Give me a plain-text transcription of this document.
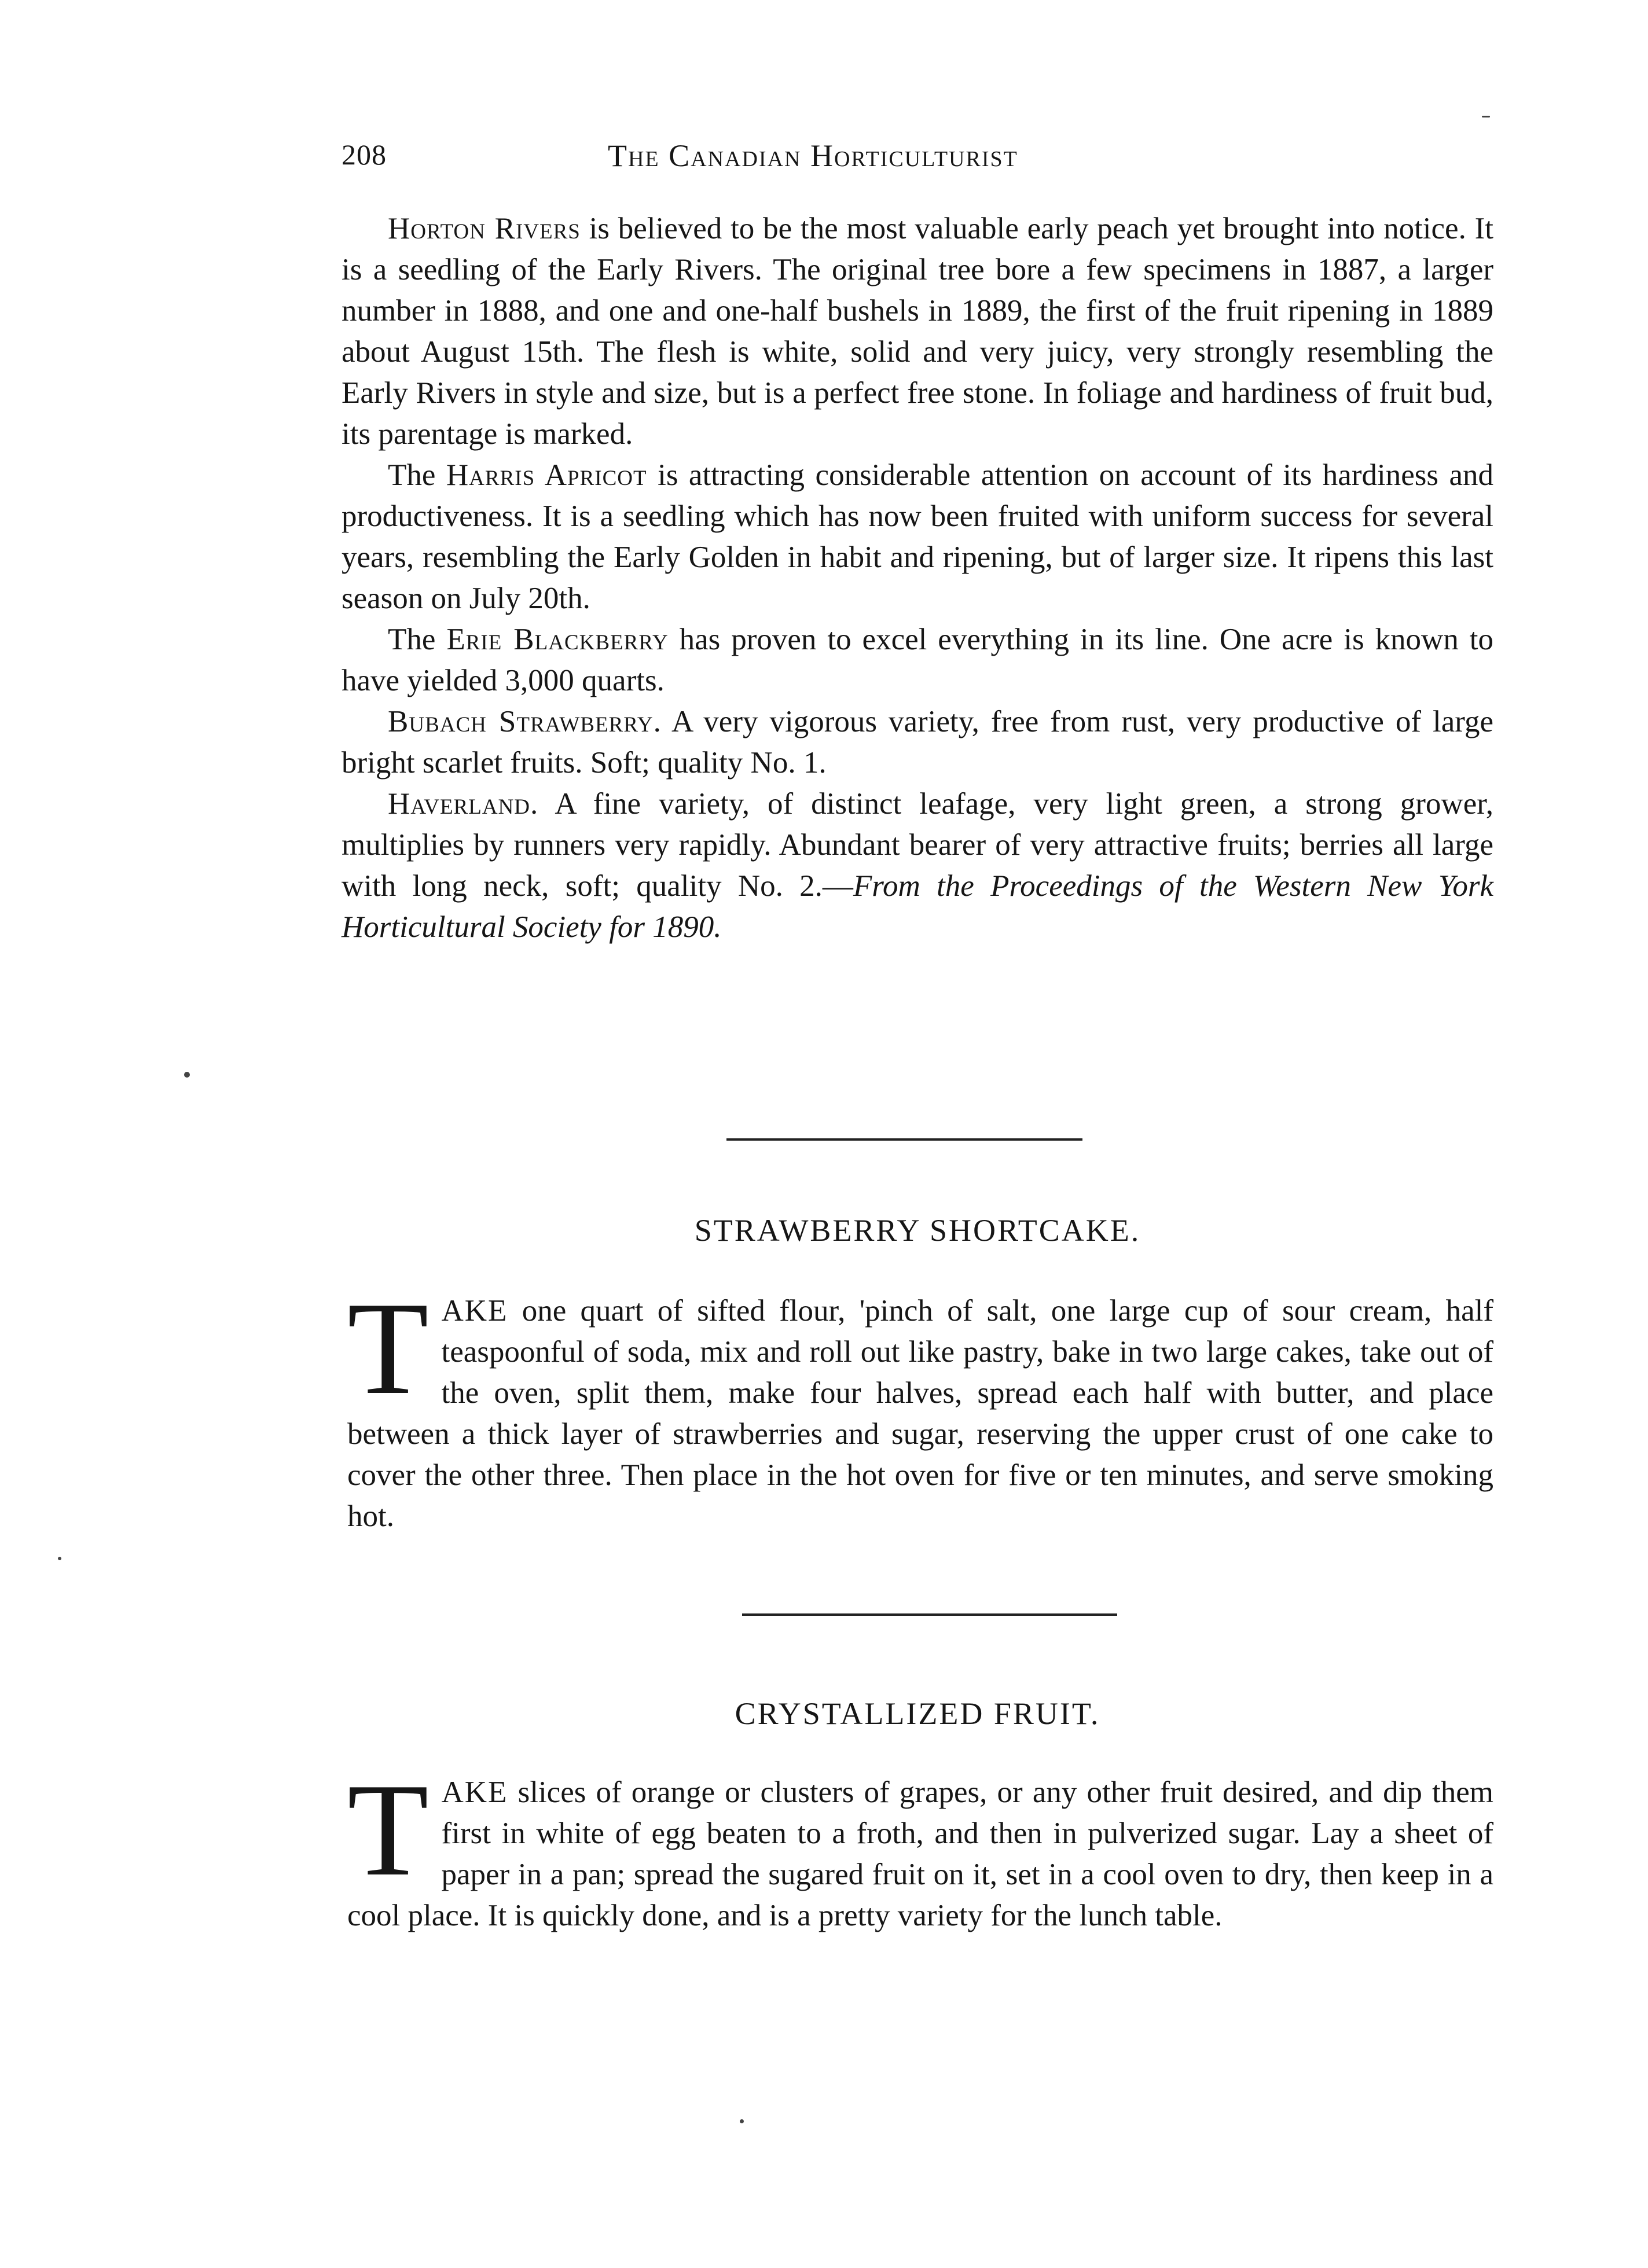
208	The Canadian Horticulturist

Horton Rivers is believed to be the most valuable early peach yet brought into notice. It is a seedling of the Early Rivers. The original tree bore a few specimens in 1887, a larger number in 1888, and one and one-half bushels in 1889, the first of the fruit ripening in 1889 about August 15th. The flesh is white, solid and very juicy, very strongly resembling the Early Rivers in style and size, but is a perfect free stone. In foliage and hardiness of fruit bud, its parentage is marked.

The Harris Apricot is attracting considerable attention on account of its hardiness and productiveness. It is a seedling which has now been fruited with uniform success for several years, resembling the Early Golden in habit and ripening, but of larger size. It ripens this last season on July 20th.

The Erie Blackberry has proven to excel everything in its line. One acre is known to have yielded 3,000 quarts.

Bubach Strawberry. A very vigorous variety, free from rust, very productive of large bright scarlet fruits. Soft; quality No. 1.

Haverland. A fine variety, of distinct leafage, very light green, a strong grower, multiplies by runners very rapidly. Abundant bearer of very attractive fruits; berries all large with long neck, soft; quality No. 2.—From the Proceedings of the Western New York Horticultural Society for 1890.

STRAWBERRY SHORTCAKE.
TAKE one quart of sifted flour, 'pinch of salt, one large cup of sour cream, half teaspoonful of soda, mix and roll out like pastry, bake in two large cakes, take out of the oven, split them, make four halves, spread each half with butter, and place between a thick layer of strawberries and sugar, reserving the upper crust of one cake to cover the other three. Then place in the hot oven for five or ten minutes, and serve smoking hot.
CRYSTALLIZED FRUIT.
TAKE slices of orange or clusters of grapes, or any other fruit desired, and dip them first in white of egg beaten to a froth, and then in pulverized sugar. Lay a sheet of paper in a pan; spread the sugared fruit on it, set in a cool oven to dry, then keep in a cool place. It is quickly done, and is a pretty variety for the lunch table.
